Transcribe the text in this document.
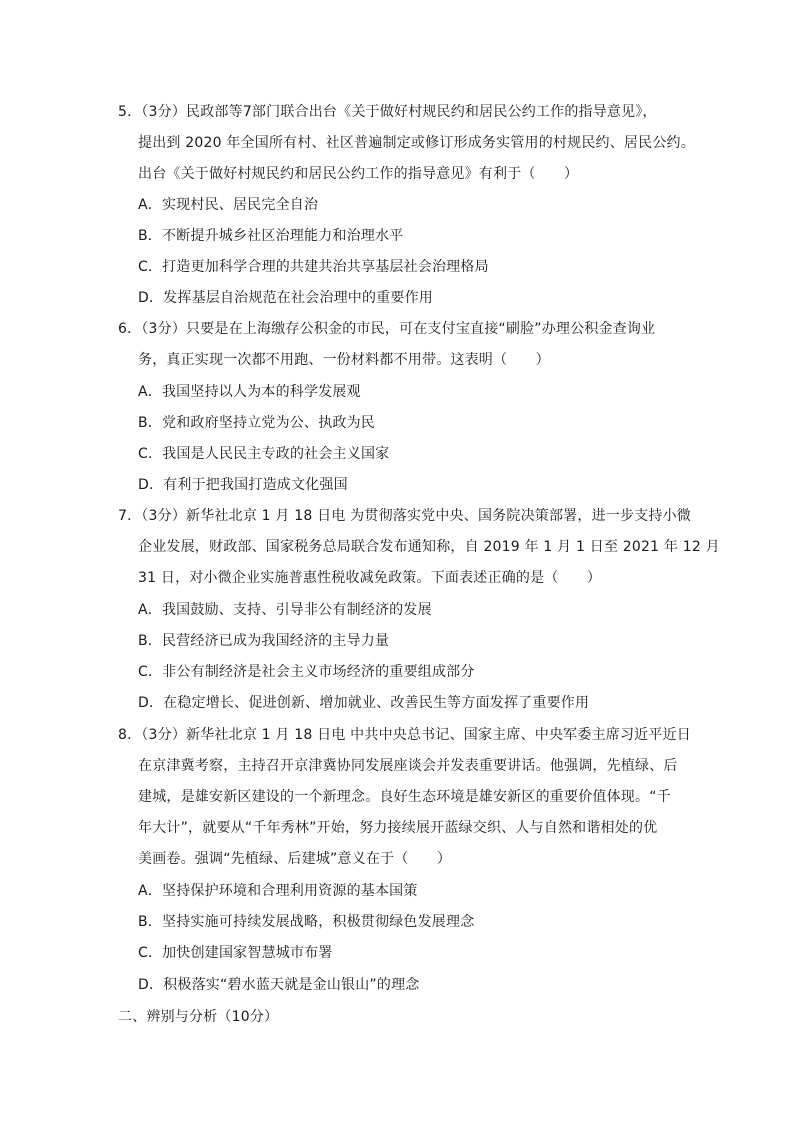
5．（3分）民政部等7部门联合出台《关于做好村规民约和居民公约工作的指导意见》，
提出到 2020 年全国所有村、社区普遍制定或修订形成务实管用的村规民约、居民公约。
出台《关于做好村规民约和居民公约工作的指导意见》有利于（　　）
A．实现村民、居民完全自治
B．不断提升城乡社区治理能力和治理水平
C．打造更加科学合理的共建共治共享基层社会治理格局
D．发挥基层自治规范在社会治理中的重要作用
6．（3分）只要是在上海缴存公积金的市民，可在支付宝直接“刷脸”办理公积金查询业
务，真正实现一次都不用跑、一份材料都不用带。这表明（　　）
A．我国坚持以人为本的科学发展观
B．党和政府坚持立党为公、执政为民
C．我国是人民民主专政的社会主义国家
D．有利于把我国打造成文化强国
7．（3分）新华社北京 1 月 18 日电 为贯彻落实党中央、国务院决策部署，进一步支持小微
企业发展，财政部、国家税务总局联合发布通知称，自 2019 年 1 月 1 日至 2021 年 12 月
31 日，对小微企业实施普惠性税收减免政策。下面表述正确的是（　　）
A．我国鼓励、支持、引导非公有制经济的发展
B．民营经济已成为我国经济的主导力量
C．非公有制经济是社会主义市场经济的重要组成部分
D．在稳定增长、促进创新、增加就业、改善民生等方面发挥了重要作用
8．（3分）新华社北京 1 月 18 日电 中共中央总书记、国家主席、中央军委主席习近平近日
在京津冀考察，主持召开京津冀协同发展座谈会并发表重要讲话。他强调，先植绿、后
建城，是雄安新区建设的一个新理念。良好生态环境是雄安新区的重要价值体现。“千
年大计”，就要从“千年秀林”开始，努力接续展开蓝绿交织、人与自然和谐相处的优
美画卷。强调“先植绿、后建城”意义在于（　　）
A．坚持保护环境和合理利用资源的基本国策
B．坚持实施可持续发展战略，积极贯彻绿色发展理念
C．加快创建国家智慧城市布署
D．积极落实“碧水蓝天就是金山银山”的理念
二、辨别与分析（10分）
